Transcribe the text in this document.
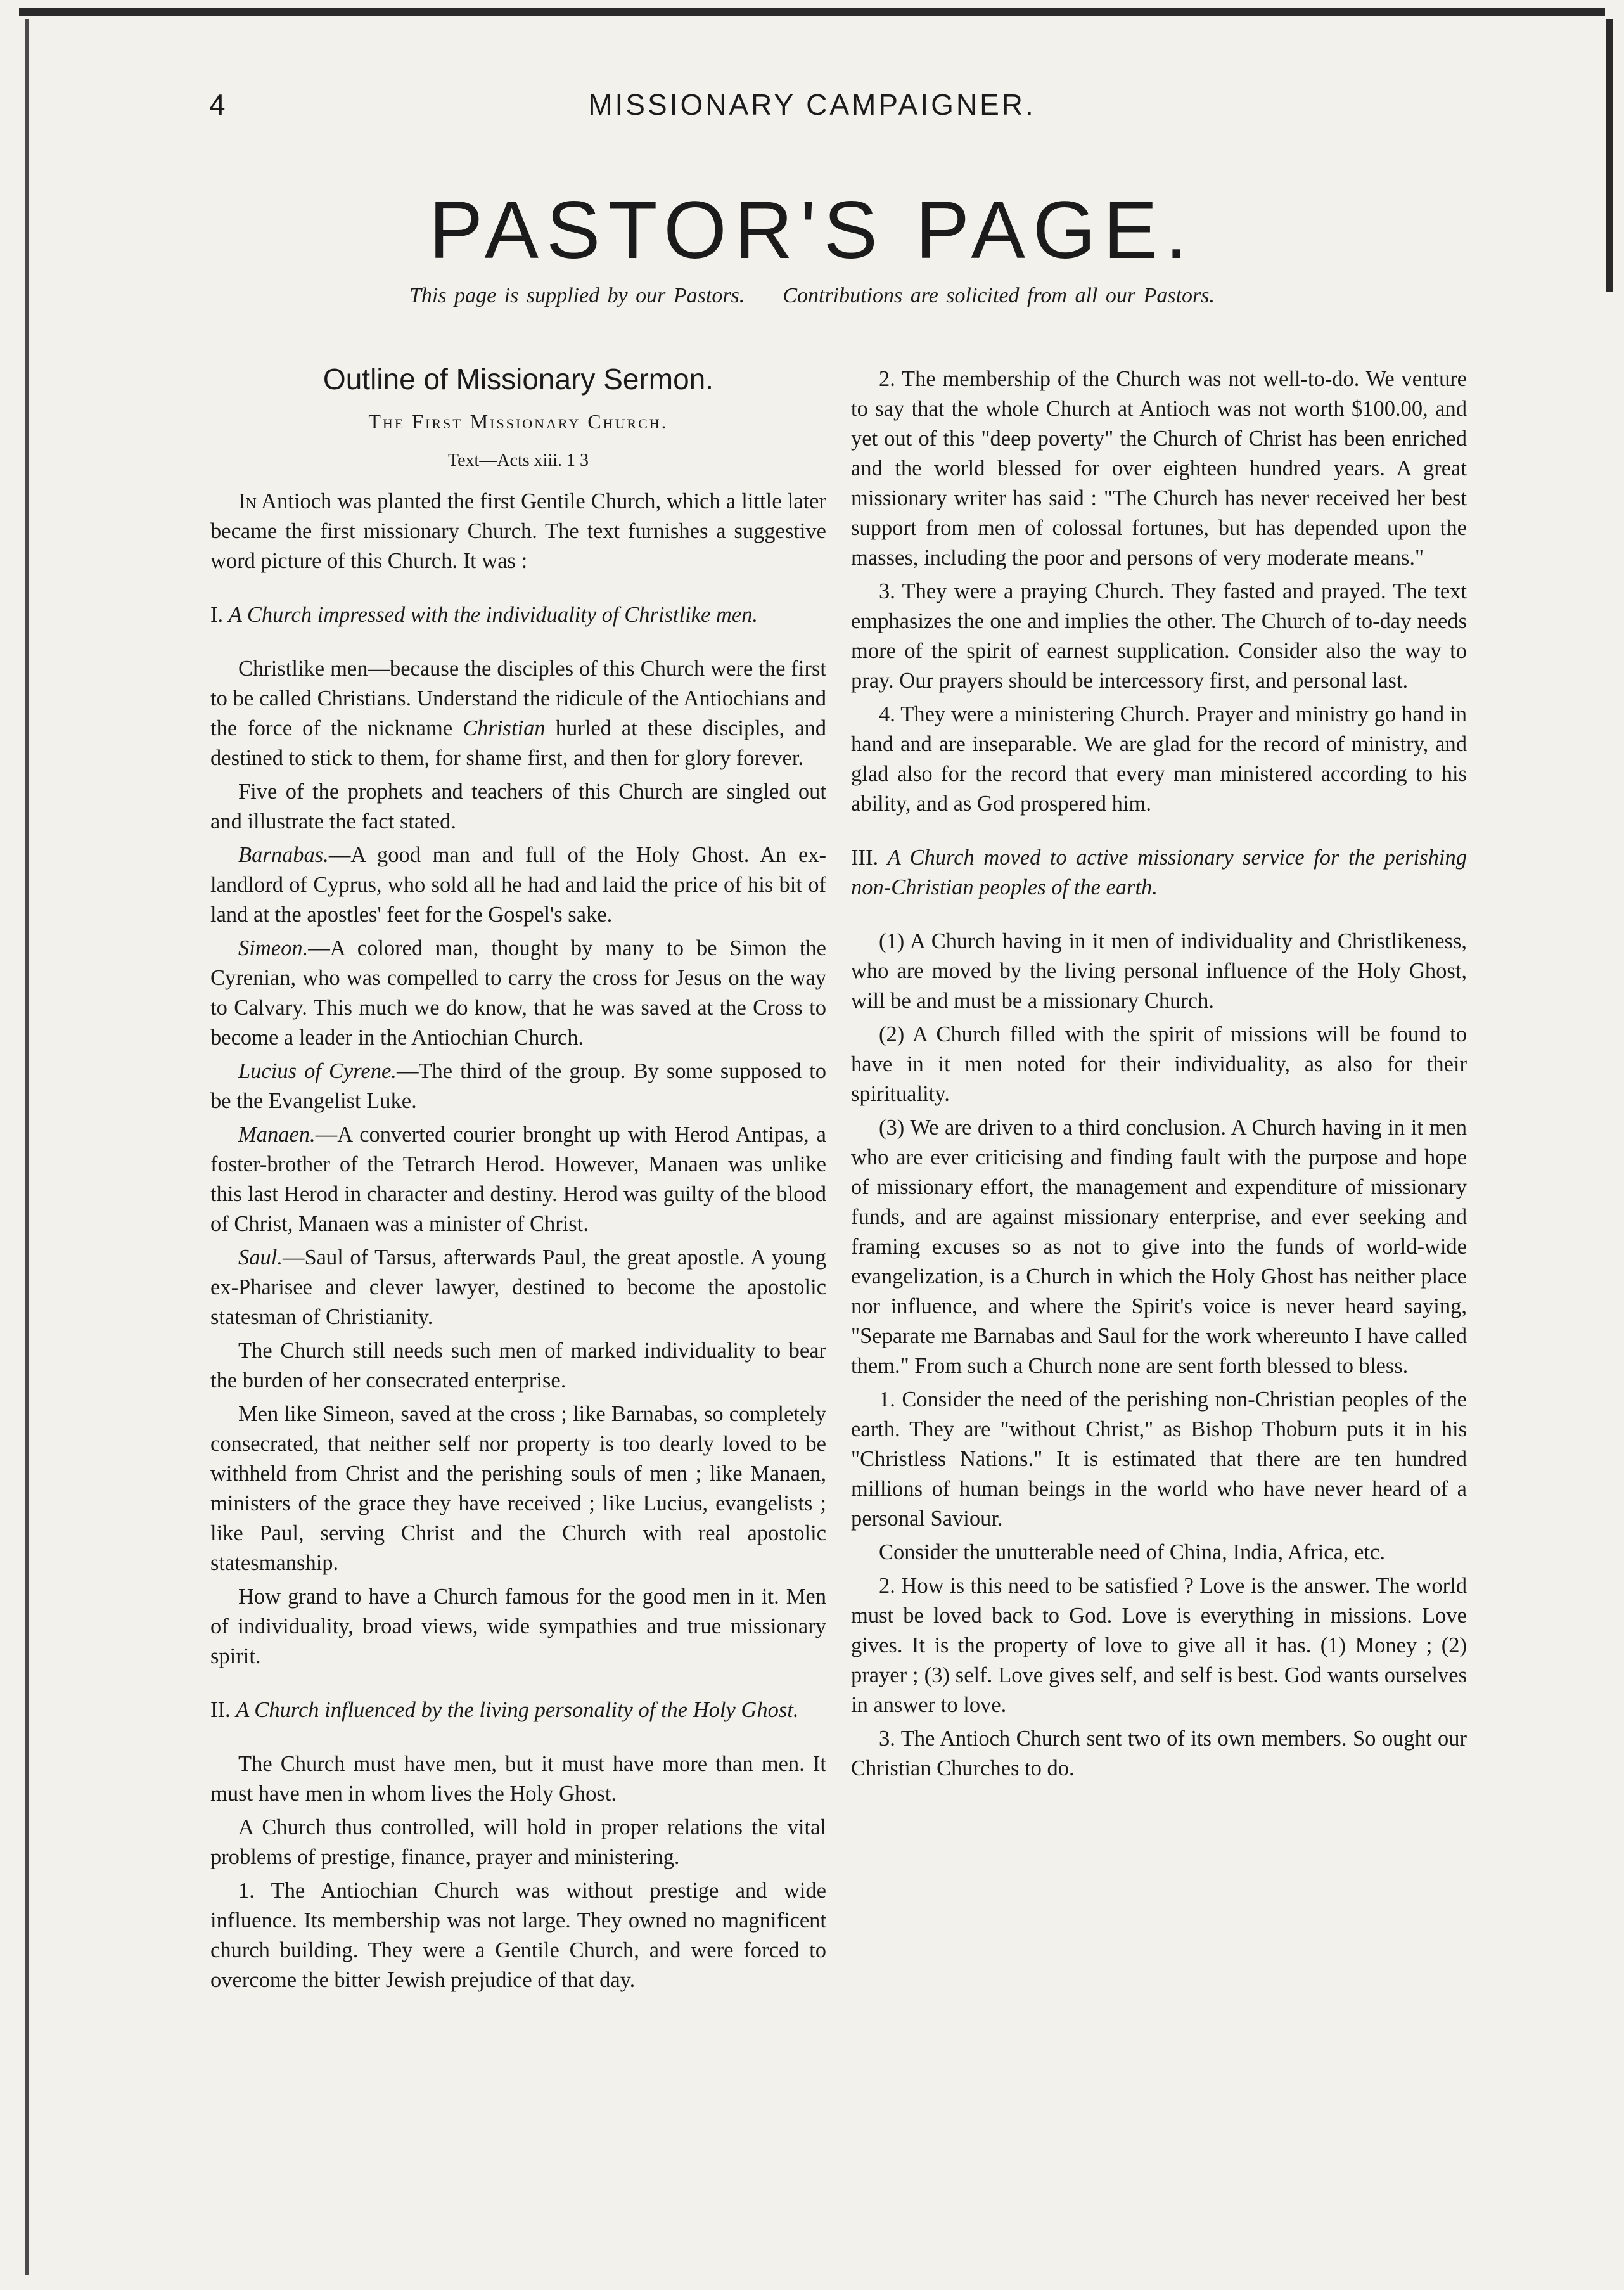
4	MISSIONARY CAMPAIGNER.
PASTOR'S PAGE.
This page is supplied by our Pastors. Contributions are solicited from all our Pastors.
Outline of Missionary Sermon.
The First Missionary Church.
Text—Acts xiii. 1 3

In Antioch was planted the first Gentile Church, which a little later became the first missionary Church. The text furnishes a suggestive word picture of this Church. It was :

I. A Church impressed with the individuality of Christlike men.

Christlike men—because the disciples of this Church were the first to be called Christians. Understand the ridicule of the Antiochians and the force of the nickname Christian hurled at these disciples, and destined to stick to them, for shame first, and then for glory forever.

Five of the prophets and teachers of this Church are singled out and illustrate the fact stated.

Barnabas.—A good man and full of the Holy Ghost. An ex-landlord of Cyprus, who sold all he had and laid the price of his bit of land at the apostles' feet for the Gospel's sake.

Simeon.—A colored man, thought by many to be Simon the Cyrenian, who was compelled to carry the cross for Jesus on the way to Calvary. This much we do know, that he was saved at the Cross to become a leader in the Antiochian Church.

Lucius of Cyrene.—The third of the group. By some supposed to be the Evangelist Luke.

Manaen.—A converted courier bronght up with Herod Antipas, a foster-brother of the Tetrarch Herod. However, Manaen was unlike this last Herod in character and destiny. Herod was guilty of the blood of Christ, Manaen was a minister of Christ.

Saul.—Saul of Tarsus, afterwards Paul, the great apostle. A young ex-Pharisee and clever lawyer, destined to become the apostolic statesman of Christianity.

The Church still needs such men of marked individuality to bear the burden of her consecrated enterprise.

Men like Simeon, saved at the cross ; like Barnabas, so completely consecrated, that neither self nor property is too dearly loved to be withheld from Christ and the perishing souls of men ; like Manaen, ministers of the grace they have received ; like Lucius, evangelists ; like Paul, serving Christ and the Church with real apostolic statesmanship.

How grand to have a Church famous for the good men in it. Men of individuality, broad views, wide sympathies and true missionary spirit.

II. A Church influenced by the living personality of the Holy Ghost.

The Church must have men, but it must have more than men. It must have men in whom lives the Holy Ghost.

A Church thus controlled, will hold in proper relations the vital problems of prestige, finance, prayer and ministering.

1. The Antiochian Church was without prestige and wide influence. Its membership was not large. They owned no magnificent church building. They were a Gentile Church, and were forced to overcome the bitter Jewish prejudice of that day.

2. The membership of the Church was not well-to-do. We venture to say that the whole Church at Antioch was not worth $100.00, and yet out of this "deep poverty" the Church of Christ has been enriched and the world blessed for over eighteen hundred years. A great missionary writer has said : "The Church has never received her best support from men of colossal fortunes, but has depended upon the masses, including the poor and persons of very moderate means."

3. They were a praying Church. They fasted and prayed. The text emphasizes the one and implies the other. The Church of to-day needs more of the spirit of earnest supplication. Consider also the way to pray. Our prayers should be intercessory first, and personal last.

4. They were a ministering Church. Prayer and ministry go hand in hand and are inseparable. We are glad for the record of ministry, and glad also for the record that every man ministered according to his ability, and as God prospered him.

III. A Church moved to active missionary service for the perishing non-Christian peoples of the earth.

(1) A Church having in it men of individuality and Christlikeness, who are moved by the living personal influence of the Holy Ghost, will be and must be a missionary Church.

(2) A Church filled with the spirit of missions will be found to have in it men noted for their individuality, as also for their spirituality.

(3) We are driven to a third conclusion. A Church having in it men who are ever criticising and finding fault with the purpose and hope of missionary effort, the management and expenditure of missionary funds, and are against missionary enterprise, and ever seeking and framing excuses so as not to give into the funds of world-wide evangelization, is a Church in which the Holy Ghost has neither place nor influence, and where the Spirit's voice is never heard saying, "Separate me Barnabas and Saul for the work whereunto I have called them." From such a Church none are sent forth blessed to bless.

1. Consider the need of the perishing non-Christian peoples of the earth. They are "without Christ," as Bishop Thoburn puts it in his "Christless Nations." It is estimated that there are ten hundred millions of human beings in the world who have never heard of a personal Saviour.

Consider the unutterable need of China, India, Africa, etc.

2. How is this need to be satisfied ? Love is the answer. The world must be loved back to God. Love is everything in missions. Love gives. It is the property of love to give all it has. (1) Money ; (2) prayer ; (3) self. Love gives self, and self is best. God wants ourselves in answer to love.

3. The Antioch Church sent two of its own members. So ought our Christian Churches to do.
